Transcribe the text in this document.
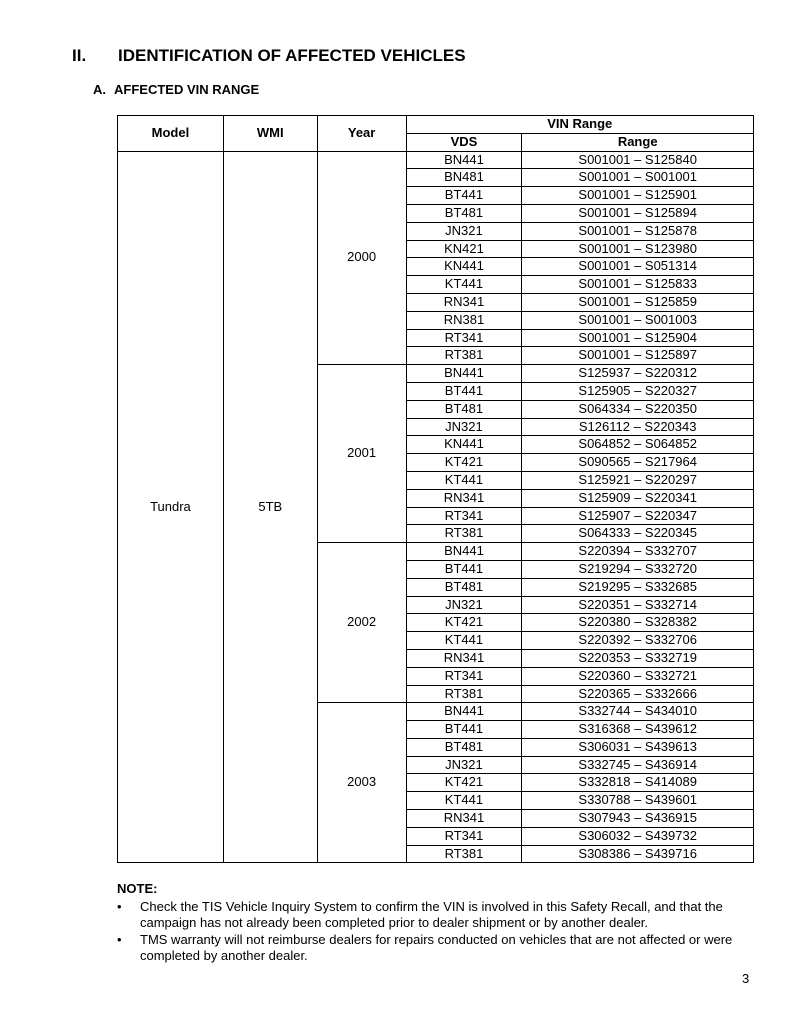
II.	IDENTIFICATION OF AFFECTED VEHICLES
A. AFFECTED VIN RANGE
Model	WMI	Year	VIN Range	
			VDS	Range
Tundra	5TB	2000	BN441	S001001 – S125840
			BN481	S001001 – S001001
			BT441	S001001 – S125901
			BT481	S001001 – S125894
			JN321	S001001 – S125878
			KN421	S001001 – S123980
			KN441	S001001 – S051314
			KT441	S001001 – S125833
			RN341	S001001 – S125859
			RN381	S001001 – S001003
			RT341	S001001 – S125904
			RT381	S001001 – S125897
		2001	BN441	S125937 – S220312
			BT441	S125905 – S220327
			BT481	S064334 – S220350
			JN321	S126112 – S220343
			KN441	S064852 – S064852
			KT421	S090565 – S217964
			KT441	S125921 – S220297
			RN341	S125909 – S220341
			RT341	S125907 – S220347
			RT381	S064333 – S220345
		2002	BN441	S220394 – S332707
			BT441	S219294 – S332720
			BT481	S219295 – S332685
			JN321	S220351 – S332714
			KT421	S220380 – S328382
			KT441	S220392 – S332706
			RN341	S220353 – S332719
			RT341	S220360 – S332721
			RT381	S220365 – S332666
		2003	BN441	S332744 – S434010
			BT441	S316368 – S439612
			BT481	S306031 – S439613
			JN321	S332745 – S436914
			KT421	S332818 – S414089
			KT441	S330788 – S439601
			RN341	S307943 – S436915
			RT341	S306032 – S439732
			RT381	S308386 – S439716
NOTE:
• Check the TIS Vehicle Inquiry System to confirm the VIN is involved in this Safety Recall, and that the campaign has not already been completed prior to dealer shipment or by another dealer.
• TMS warranty will not reimburse dealers for repairs conducted on vehicles that are not affected or were completed by another dealer.
3
